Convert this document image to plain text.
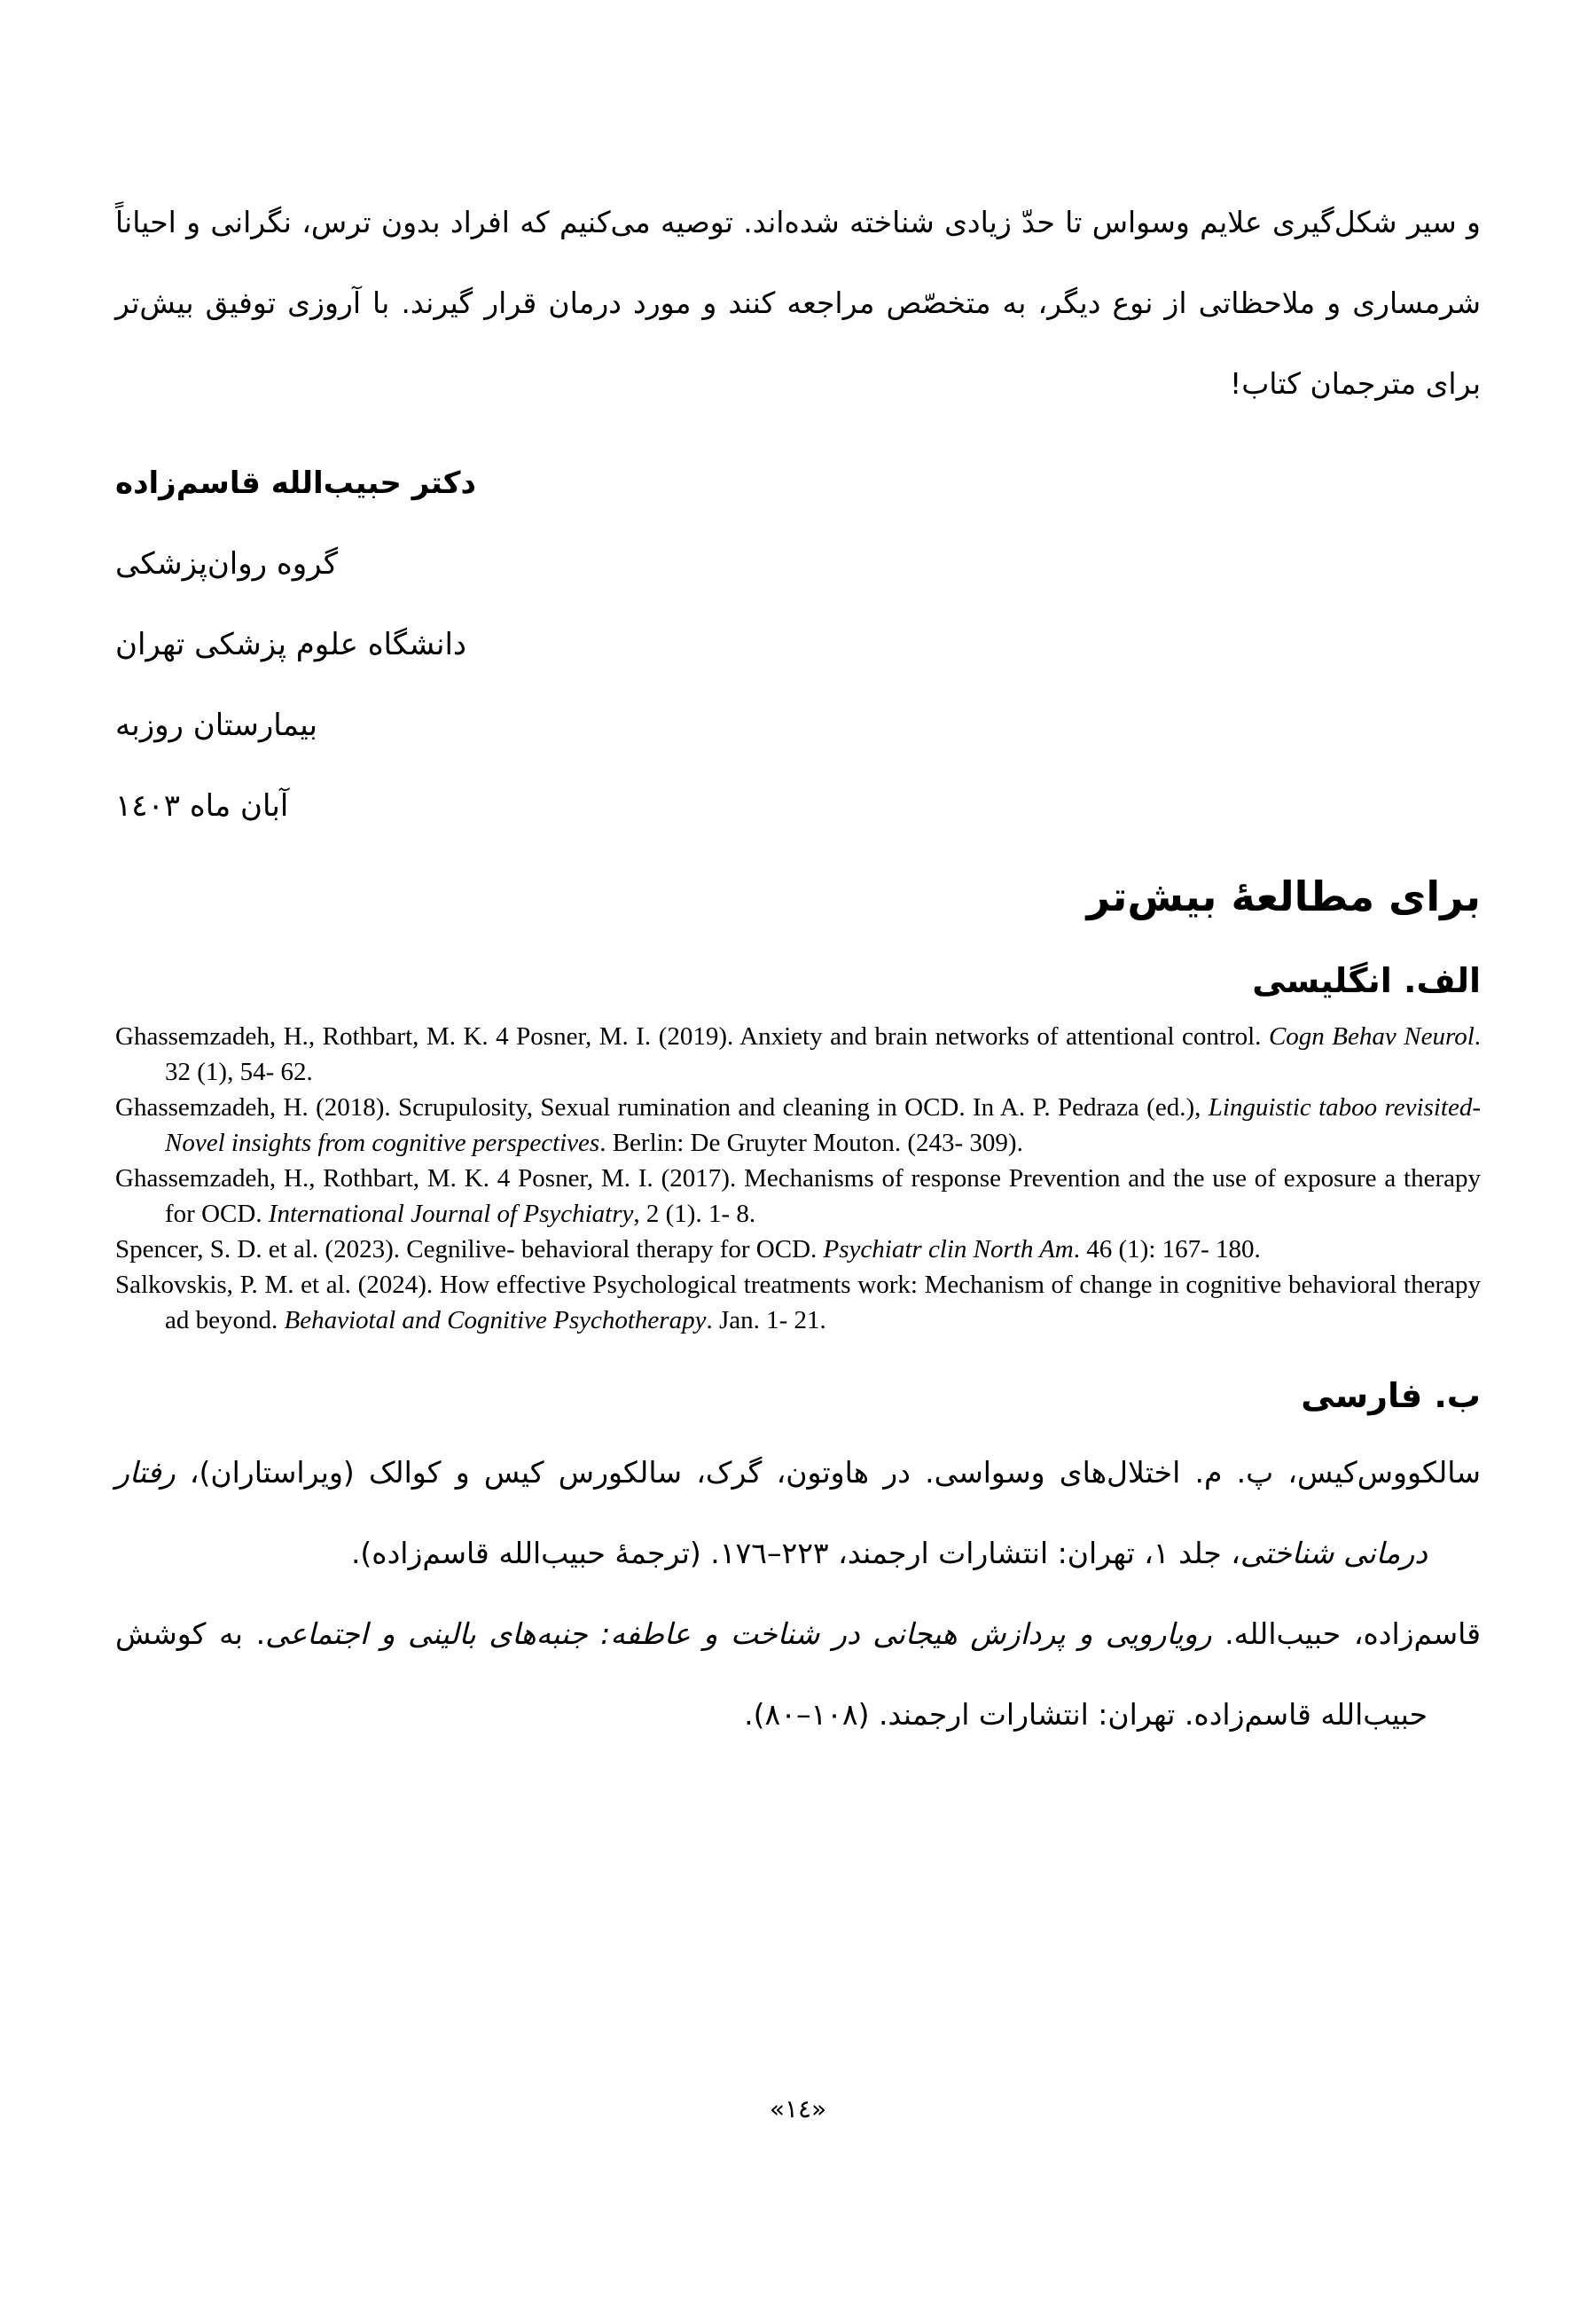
و سیر شکل‌گیری علایم وسواس تا حدّ زیادی شناخته شده‌اند. توصیه می‌کنیم که افراد بدون ترس، نگرانی و احیاناً شرمساری و ملاحظاتی از نوع دیگر، به متخصّص مراجعه کنند و مورد درمان قرار گیرند. با آروزی توفیق بیش‌تر برای مترجمان کتاب!

دکتر حبیب‌الله قاسم‌زاده
گروه روان‌پزشکی
دانشگاه علوم پزشکی تهران
بیمارستان روزبه
آبان ماه ١٤٠٣
برای مطالعۀ بیش‌تر
الف. انگلیسی

Ghassemzadeh, H., Rothbart, M. K. 4 Posner, M. I. (2019). Anxiety and brain networks of attentional control. Cogn Behav Neurol. 32 (1), 54- 62.

Ghassemzadeh, H. (2018). Scrupulosity, Sexual rumination and cleaning in OCD. In A. P. Pedraza (ed.), Linguistic taboo revisited- Novel insights from cognitive perspectives. Berlin: De Gruyter Mouton. (243- 309).

Ghassemzadeh, H., Rothbart, M. K. 4 Posner, M. I. (2017). Mechanisms of response Prevention and the use of exposure a therapy for OCD. International Journal of Psychiatry, 2 (1). 1- 8.

Spencer, S. D. et al. (2023). Cegnilive- behavioral therapy for OCD. Psychiatr clin North Am. 46 (1): 167- 180.

Salkovskis, P. M. et al. (2024). How effective Psychological treatments work: Mechanism of change in cognitive behavioral therapy ad beyond. Behaviotal and Cognitive Psychotherapy. Jan. 1- 21.

ب. فارسی

سالکووس‌کیس، پ. م. اختلال‌های وسواسی. در هاوتون، گرک، سالکورس کیس و کوالک (ویراستاران)، رفتار درمانی شناختی، جلد ١، تهران: انتشارات ارجمند، ٢٢٣–١٧٦. (ترجمۀ حبیب‌الله قاسم‌زاده).

قاسم‌زاده، حبیب‌الله. رویارویی و پردازش هیجانی در شناخت و عاطفه: جنبه‌های بالینی و اجتماعی. به کوشش حبیب‌الله قاسم‌زاده. تهران: انتشارات ارجمند. (١٠٨–٨٠).

«١٤»
